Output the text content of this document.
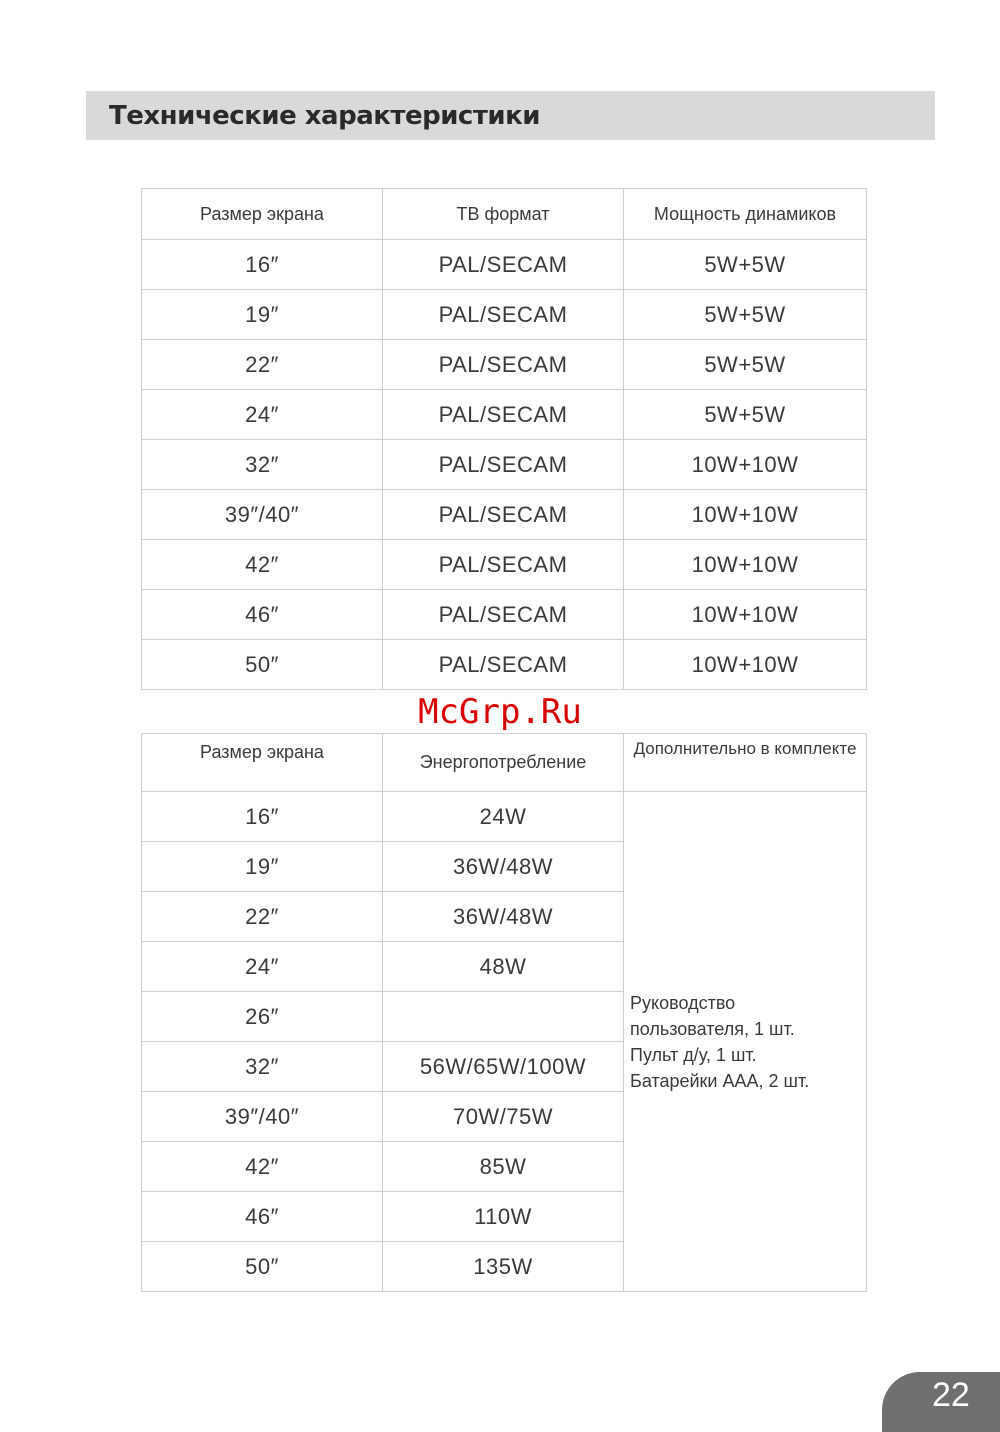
Технические характеристики
Размер экрана	ТВ формат	Мощность динамиков
16″	PAL/SECAM	5W+5W
19″	PAL/SECAM	5W+5W
22″	PAL/SECAM	5W+5W
24″	PAL/SECAM	5W+5W
32″	PAL/SECAM	10W+10W
39″/40″	PAL/SECAM	10W+10W
42″	PAL/SECAM	10W+10W
46″	PAL/SECAM	10W+10W
50″	PAL/SECAM	10W+10W
McGrp.Ru
Размер экрана	Энергопотребление	Дополнительно в комплекте
16″	24W	Руководство
пользователя, 1 шт.
Пульт д/у, 1 шт.
Батарейки ААА, 2 шт.

19″	36W/48W	
22″	36W/48W	
24″	48W	
26″		
32″	56W/65W/100W	
39″/40″	70W/75W	
42″	85W	
46″	110W	
50″	135W	
22
